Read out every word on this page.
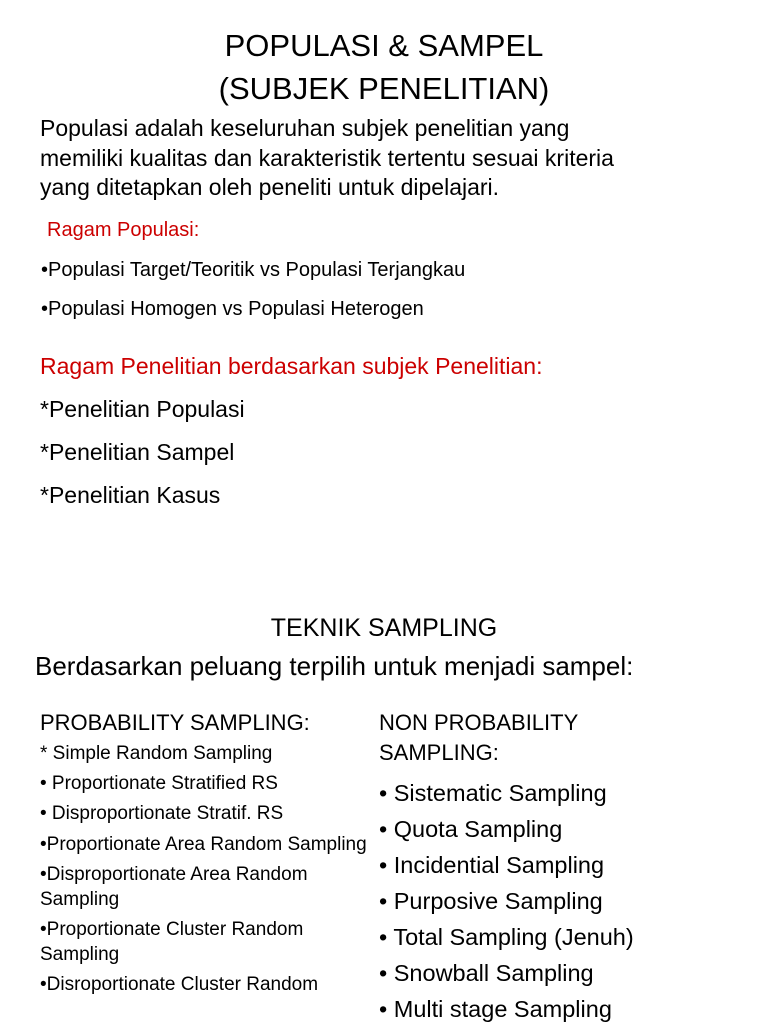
POPULASI & SAMPEL
(SUBJEK PENELITIAN)
Populasi adalah keseluruhan subjek penelitian yang
memiliki kualitas dan karakteristik tertentu sesuai kriteria
yang ditetapkan oleh peneliti untuk dipelajari.
Ragam Populasi:
•Populasi Target/Teoritik vs Populasi Terjangkau
•Populasi Homogen vs Populasi Heterogen
Ragam Penelitian berdasarkan subjek Penelitian:
*Penelitian Populasi
*Penelitian Sampel
*Penelitian Kasus
TEKNIK SAMPLING
Berdasarkan peluang terpilih untuk menjadi sampel:
PROBABILITY SAMPLING:
* Simple Random Sampling
• Proportionate Stratified RS
• Disproportionate Stratif. RS
•Proportionate Area Random Sampling
•Disproportionate Area Random Sampling
•Proportionate Cluster Random Sampling
•Disroportionate Cluster Random
NON PROBABILITY
SAMPLING:
• Sistematic Sampling
• Quota Sampling
• Incidential Sampling
• Purposive Sampling
• Total Sampling (Jenuh)
• Snowball Sampling
• Multi stage Sampling
